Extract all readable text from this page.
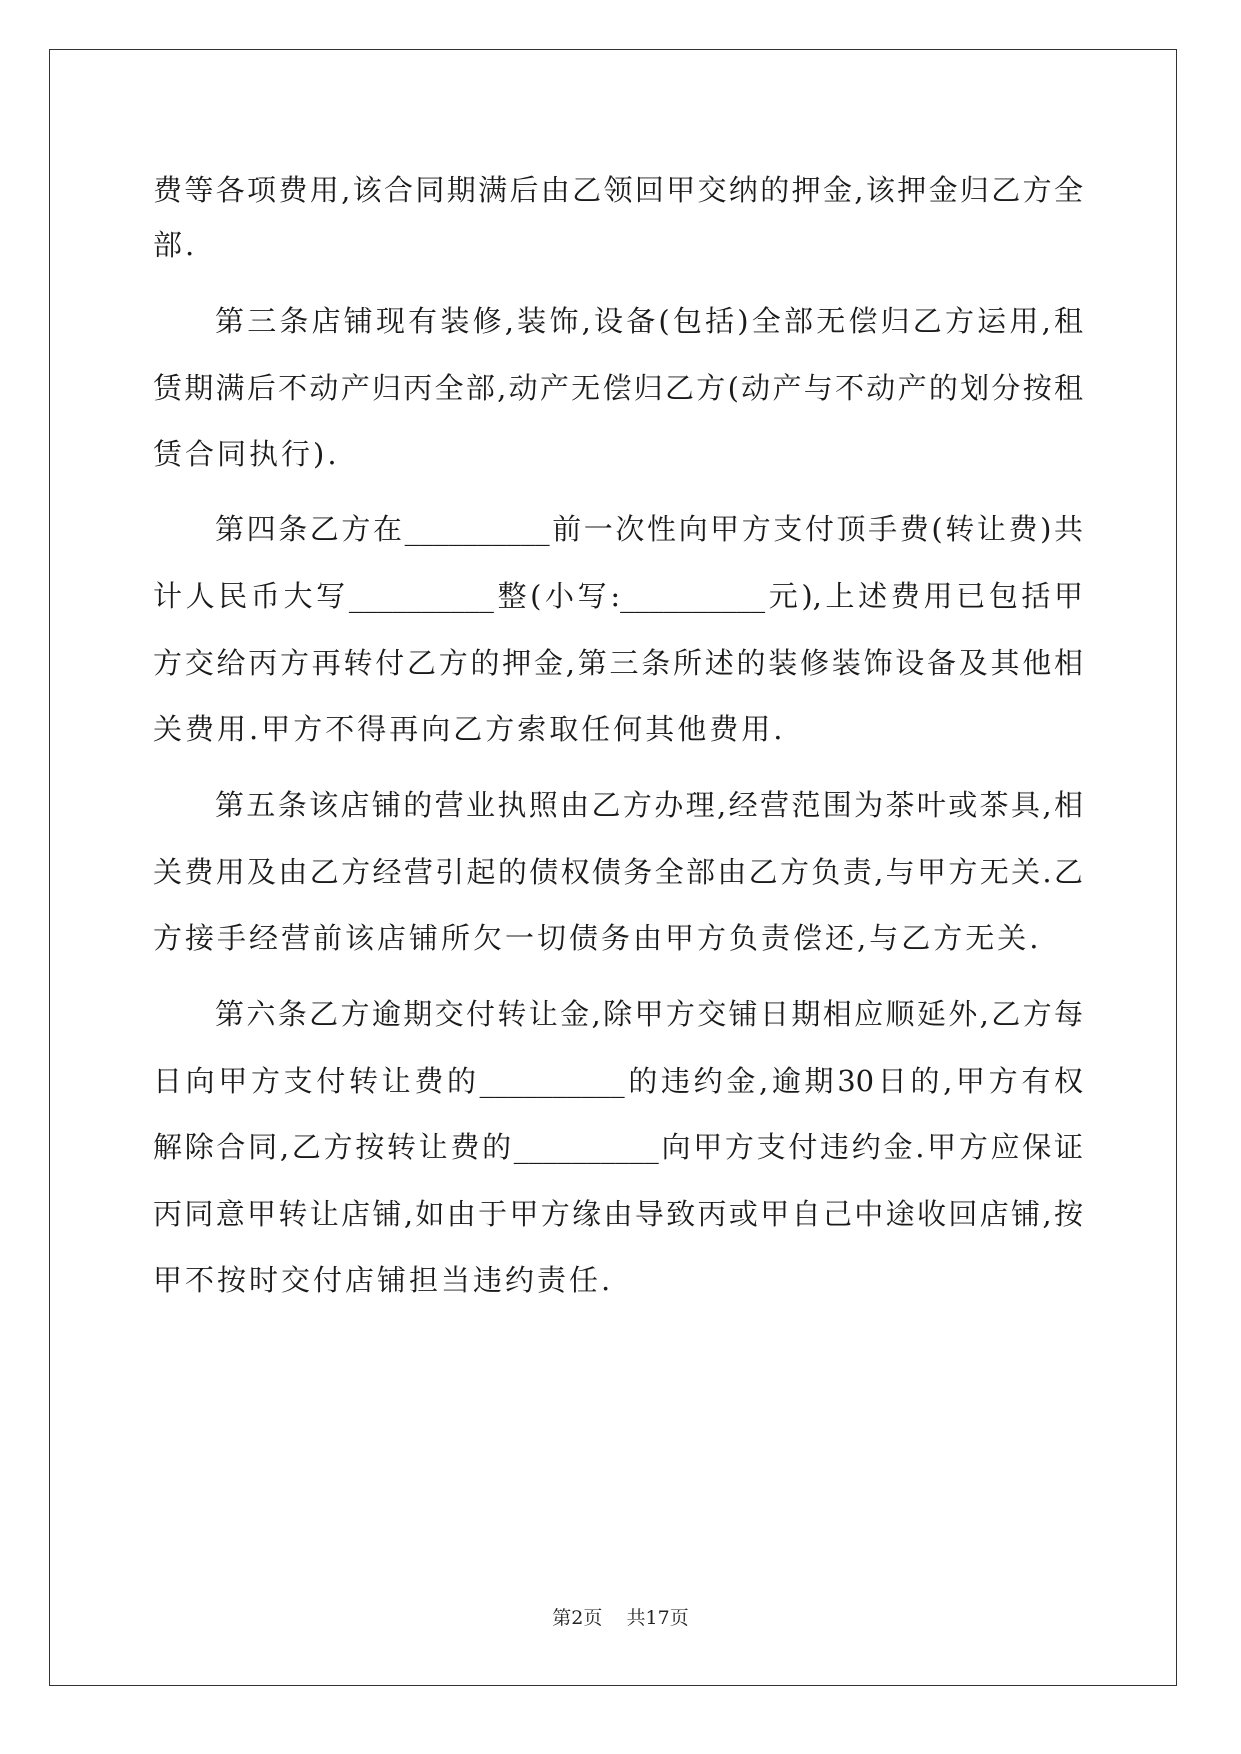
费等各项费用,该合同期满后由乙领回甲交纳的押金,该押金归乙方全
部.
第三条店铺现有装修,装饰,设备(包括)全部无偿归乙方运用,租
赁期满后不动产归丙全部,动产无偿归乙方(动产与不动产的划分按租
赁合同执行).
第四条乙方在__________前一次性向甲方支付顶手费(转让费)共
计人民币大写__________整(小写:__________元),上述费用已包括甲
方交给丙方再转付乙方的押金,第三条所述的装修装饰设备及其他相
关费用.甲方不得再向乙方索取任何其他费用.
第五条该店铺的营业执照由乙方办理,经营范围为茶叶或茶具,相
关费用及由乙方经营引起的债权债务全部由乙方负责,与甲方无关.乙
方接手经营前该店铺所欠一切债务由甲方负责偿还,与乙方无关.
第六条乙方逾期交付转让金,除甲方交铺日期相应顺延外,乙方每
日向甲方支付转让费的__________的违约金,逾期30日的,甲方有权
解除合同,乙方按转让费的__________向甲方支付违约金.甲方应保证
丙同意甲转让店铺,如由于甲方缘由导致丙或甲自己中途收回店铺,按
甲不按时交付店铺担当违约责任.
第2页 共17页
